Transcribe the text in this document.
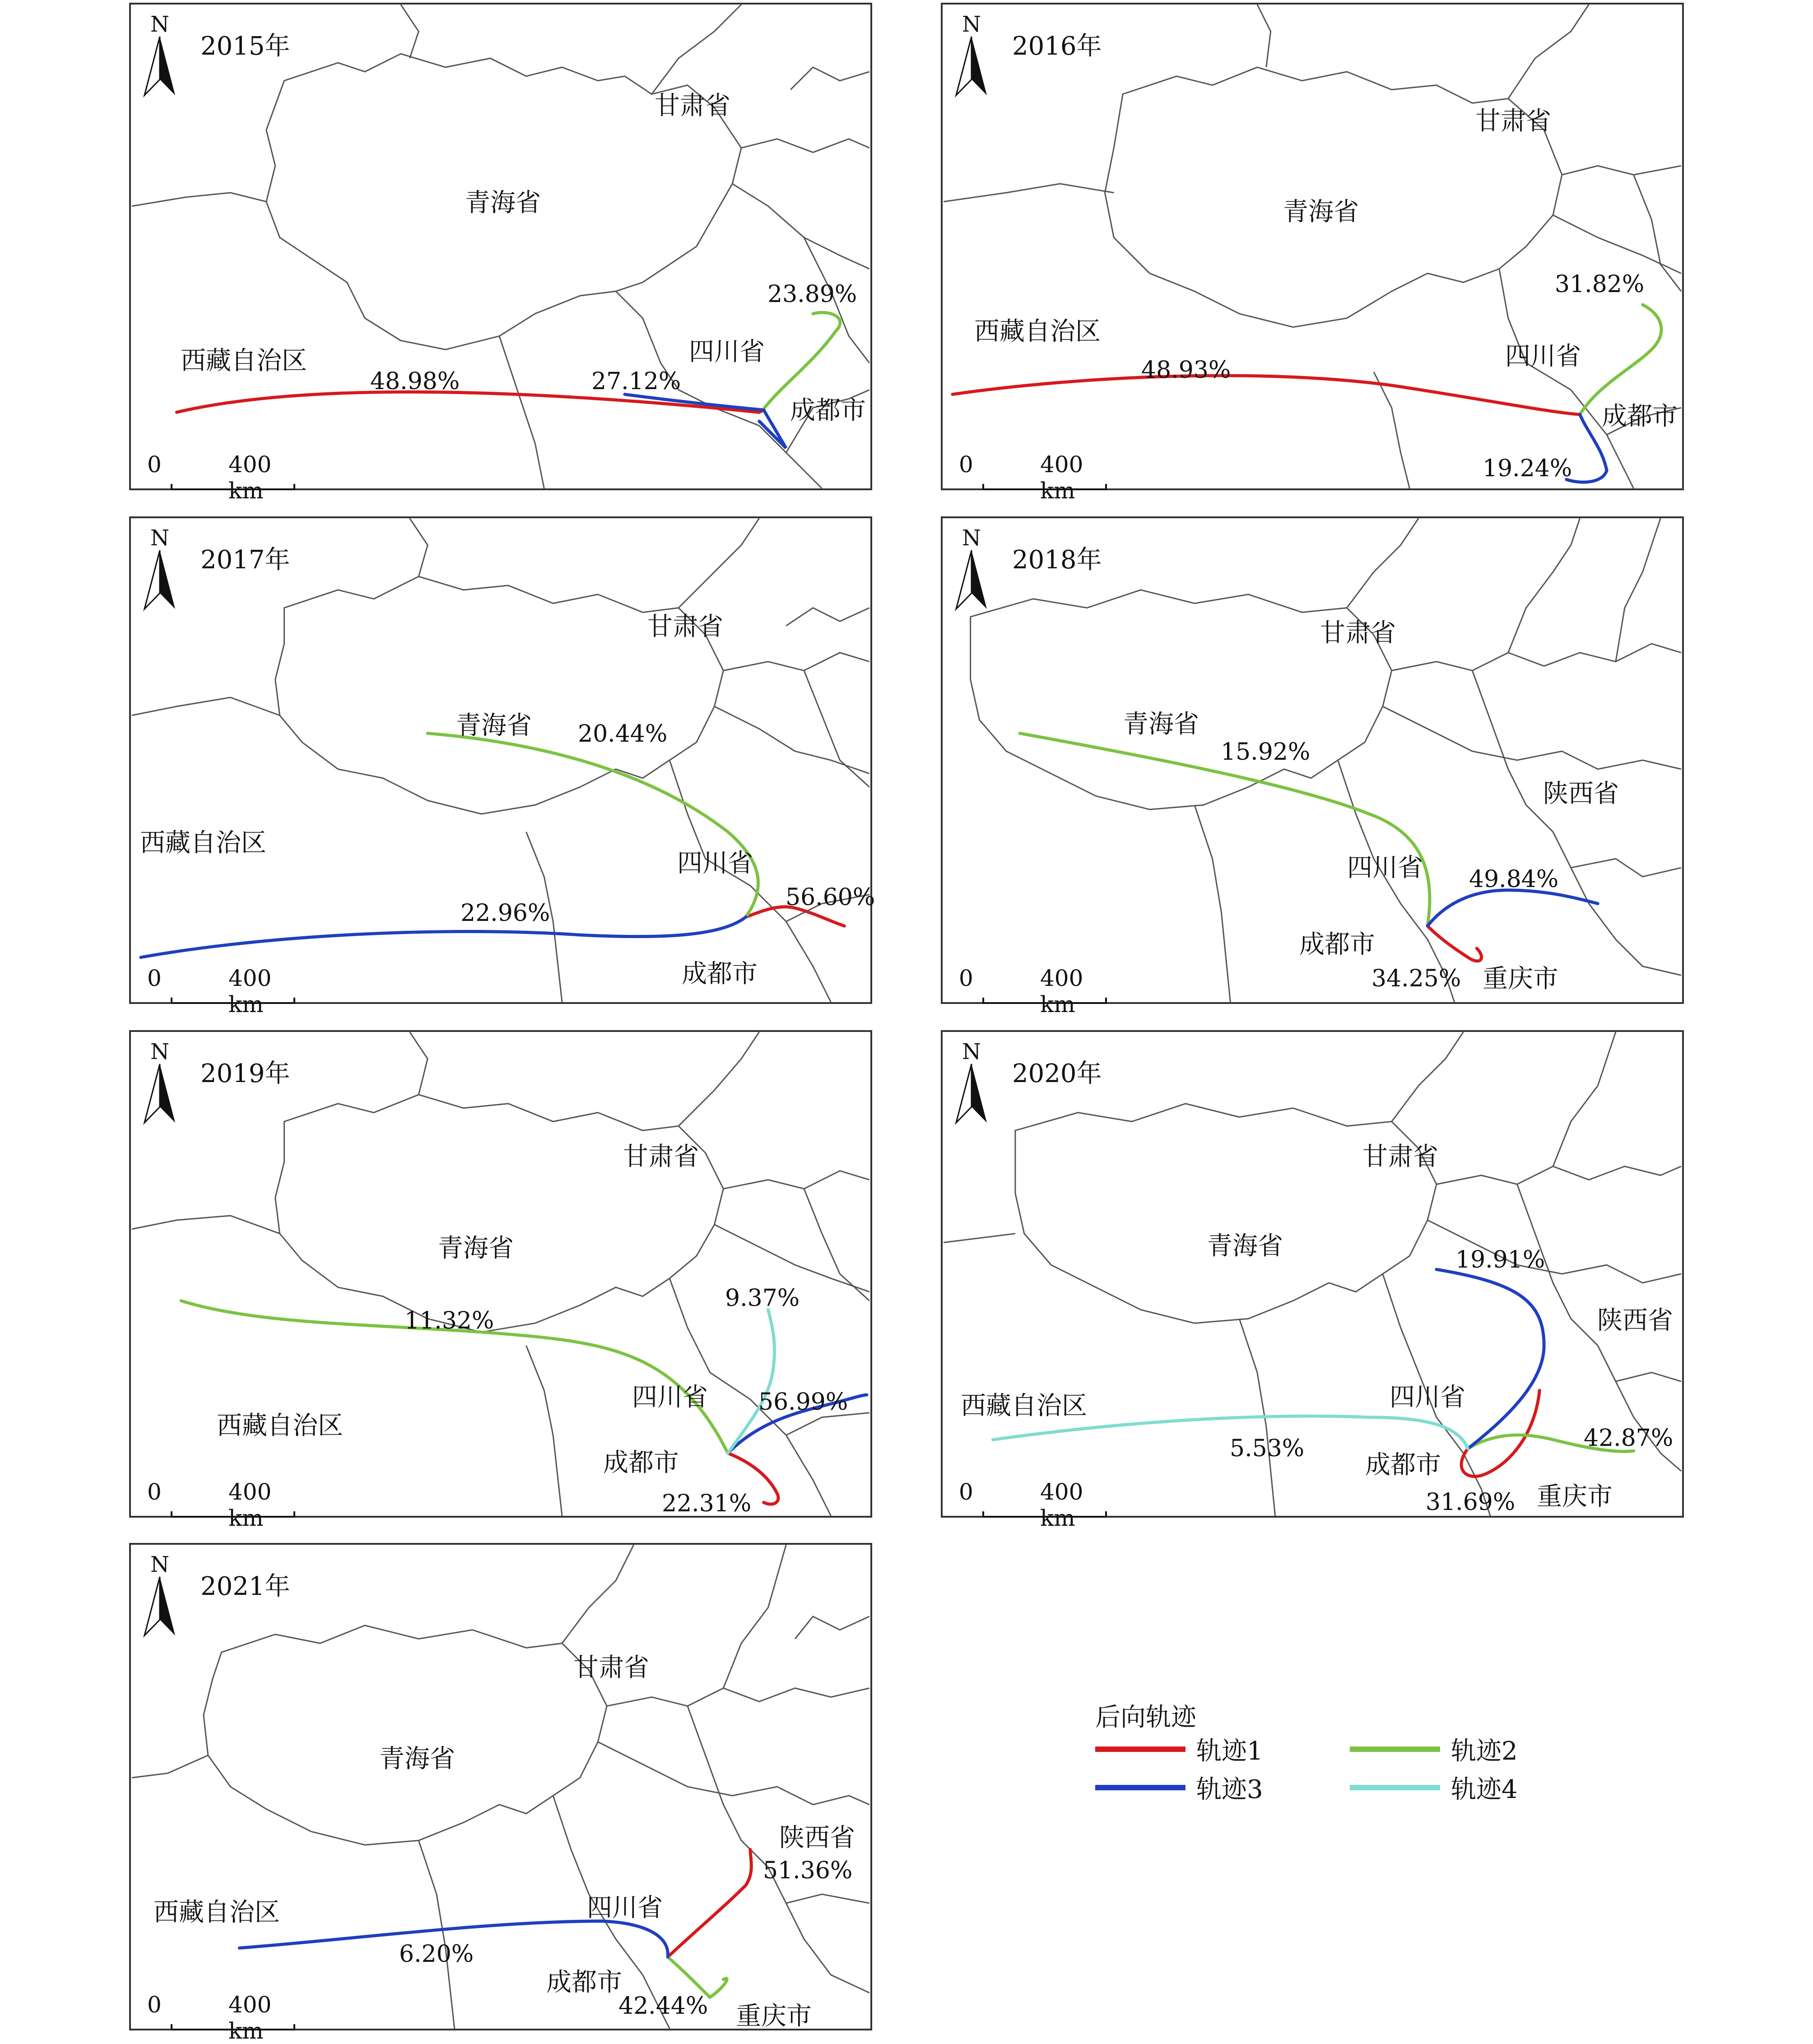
N
2015年
甘肃省
青海省
西藏自治区	四川省
成都市
48.98%
23.89%
27.12%
0	400 km
N
2016年
甘肃省
青海省
西藏自治区
四川省
成都市
48.93%
31.82%
19.24%
0	400 km
N
2017年
甘肃省
青海省
西藏自治区
四川省
成都市
56.60%
20.44%
22.96%
0	400 km
N
2018年
甘肃省
青海省
陕西省
四川省
成都市
重庆市
34.25%
15.92%
49.84%
0	400 km
N
2019年
甘肃省
青海省
西藏自治区
四川省
成都市
22.31%
11.32%
56.99%
9.37%
0	400 km
N
2020年
甘肃省
青海省
陕西省
西藏自治区	四川省
成都市
重庆市
31.69%
42.87%
19.91%
5.53%
0	400 km
N
2021年
甘肃省
青海省
陕西省
西藏自治区	四川省
成都市
重庆市
51.36%
42.44%
6.20%
0	400 km
后向轨迹
轨迹1	轨迹2
轨迹3	轨迹4
